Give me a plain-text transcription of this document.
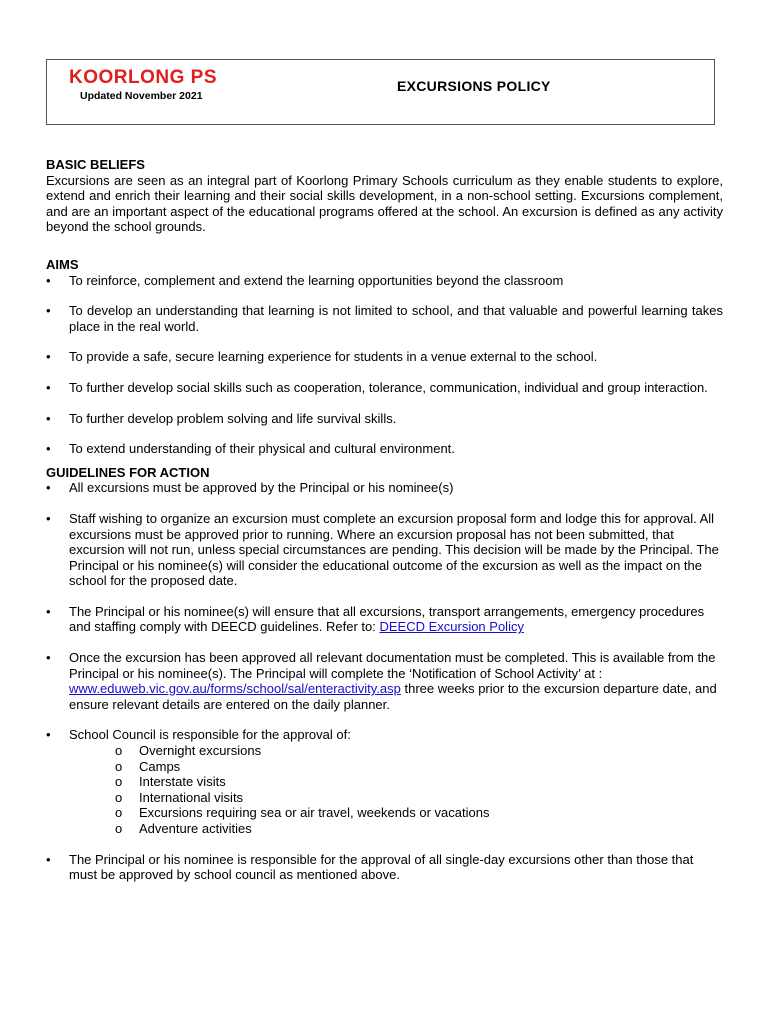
KOORLONG PS
Updated November 2021
EXCURSIONS POLICY

BASIC BELIEFS

Excursions are seen as an integral part of Koorlong Primary Schools curriculum as they enable students to explore, extend and enrich their learning and their social skills development, in a non-school setting. Excursions complement, and are an important aspect of the educational programs offered at the school. An excursion is defined as any activity beyond the school grounds.

AIMS

• To reinforce, complement and extend the learning opportunities beyond the classroom
• To develop an understanding that learning is not limited to school, and that valuable and powerful learning takes place in the real world.
• To provide a safe, secure learning experience for students in a venue external to the school.
• To further develop social skills such as cooperation, tolerance, communication, individual and group interaction.
• To further develop problem solving and life survival skills.
• To extend understanding of their physical and cultural environment.

GUIDELINES FOR ACTION

• All excursions must be approved by the Principal or his nominee(s)
• Staff wishing to organize an excursion must complete an excursion proposal form and lodge this for approval. All excursions must be approved prior to running. Where an excursion proposal has not been submitted, that excursion will not run, unless special circumstances are pending. This decision will be made by the Principal. The Principal or his nominee(s) will consider the educational outcome of the excursion as well as the impact on the school for the proposed date.
• The Principal or his nominee(s) will ensure that all excursions, transport arrangements, emergency procedures and staffing comply with DEECD guidelines. Refer to: DEECD Excursion Policy
• Once the excursion has been approved all relevant documentation must be completed. This is available from the Principal or his nominee(s). The Principal will complete the ‘Notification of School Activity’ at : www.eduweb.vic.gov.au/forms/school/sal/enteractivity.asp three weeks prior to the excursion departure date, and ensure relevant details are entered on the daily planner.
• School Council is responsible for the approval of:
o Overnight excursions
o Camps
o Interstate visits
o International visits
o Excursions requiring sea or air travel, weekends or vacations
o Adventure activities
• The Principal or his nominee is responsible for the approval of all single-day excursions other than those that must be approved by school council as mentioned above.
